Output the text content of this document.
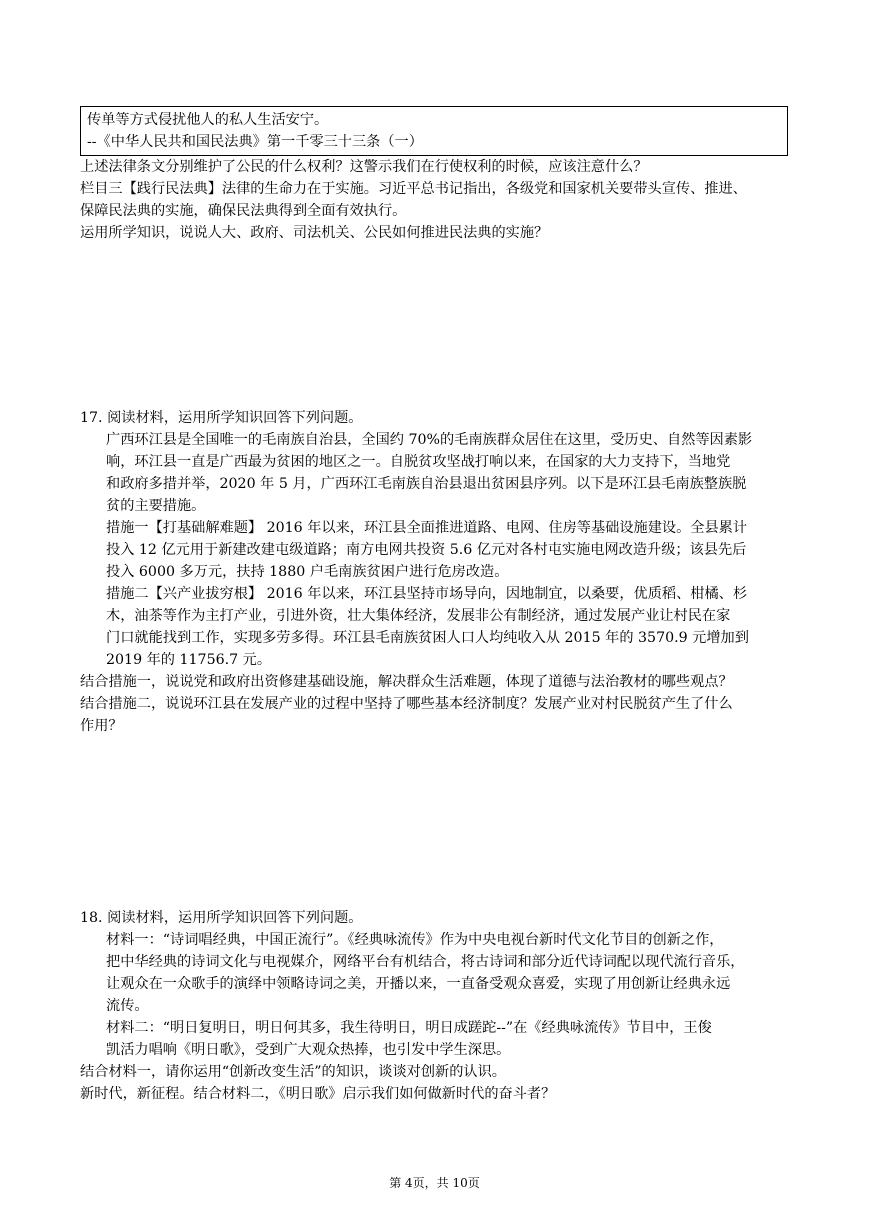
传单等方式侵扰他人的私人生活安宁。
--《中华人民共和国民法典》第一千零三十三条（一）
上述法律条文分别维护了公民的什么权利？这警示我们在行使权利的时候，应该注意什么？
栏目三【践行民法典】法律的生命力在于实施。习近平总书记指出，各级党和国家机关要带头宣传、推进、
保障民法典的实施，确保民法典得到全面有效执行。
运用所学知识，说说人大、政府、司法机关、公民如何推进民法典的实施？
17. 阅读材料，运用所学知识回答下列问题。
广西环江县是全国唯一的毛南族自治县，全国约 70%的毛南族群众居住在这里，受历史、自然等因素影
响，环江县一直是广西最为贫困的地区之一。自脱贫攻坚战打响以来，在国家的大力支持下，当地党
和政府多措并举，2020 年 5 月，广西环江毛南族自治县退出贫困县序列。以下是环江县毛南族整族脱
贫的主要措施。
措施一【打基础解难题】 2016 年以来，环江县全面推进道路、电网、住房等基础设施建设。全县累计
投入 12 亿元用于新建改建屯级道路；南方电网共投资 5.6 亿元对各村屯实施电网改造升级；该县先后
投入 6000 多万元，扶持 1880 户毛南族贫困户进行危房改造。
措施二【兴产业拔穷根】 2016 年以来，环江县坚持市场导向，因地制宜，以桑要，优质稻、柑橘、杉
木，油茶等作为主打产业，引进外资，壮大集体经济，发展非公有制经济，通过发展产业让村民在家
门口就能找到工作，实现多劳多得。环江县毛南族贫困人口人均纯收入从 2015 年的 3570.9 元增加到
2019 年的 11756.7 元。
结合措施一，说说党和政府出资修建基础设施，解决群众生活难题，体现了道德与法治教材的哪些观点？
结合措施二，说说环江县在发展产业的过程中坚持了哪些基本经济制度？发展产业对村民脱贫产生了什么
作用？
18. 阅读材料，运用所学知识回答下列问题。
材料一：“诗词唱经典，中国正流行”。《经典咏流传》作为中央电视台新时代文化节目的创新之作，
把中华经典的诗词文化与电视媒介，网络平台有机结合，将古诗词和部分近代诗词配以现代流行音乐，
让观众在一众歌手的演绎中领略诗词之美，开播以来，一直备受观众喜爱，实现了用创新让经典永远
流传。
材料二：“明日复明日，明日何其多，我生待明日，明日成蹉跎--”在《经典咏流传》节目中，王俊
凯活力唱响《明日歌》，受到广大观众热捧，也引发中学生深思。
结合材料一，请你运用“创新改变生活”的知识，谈谈对创新的认识。
新时代，新征程。结合材料二，《明日歌》启示我们如何做新时代的奋斗者？
第 4页，共 10页
